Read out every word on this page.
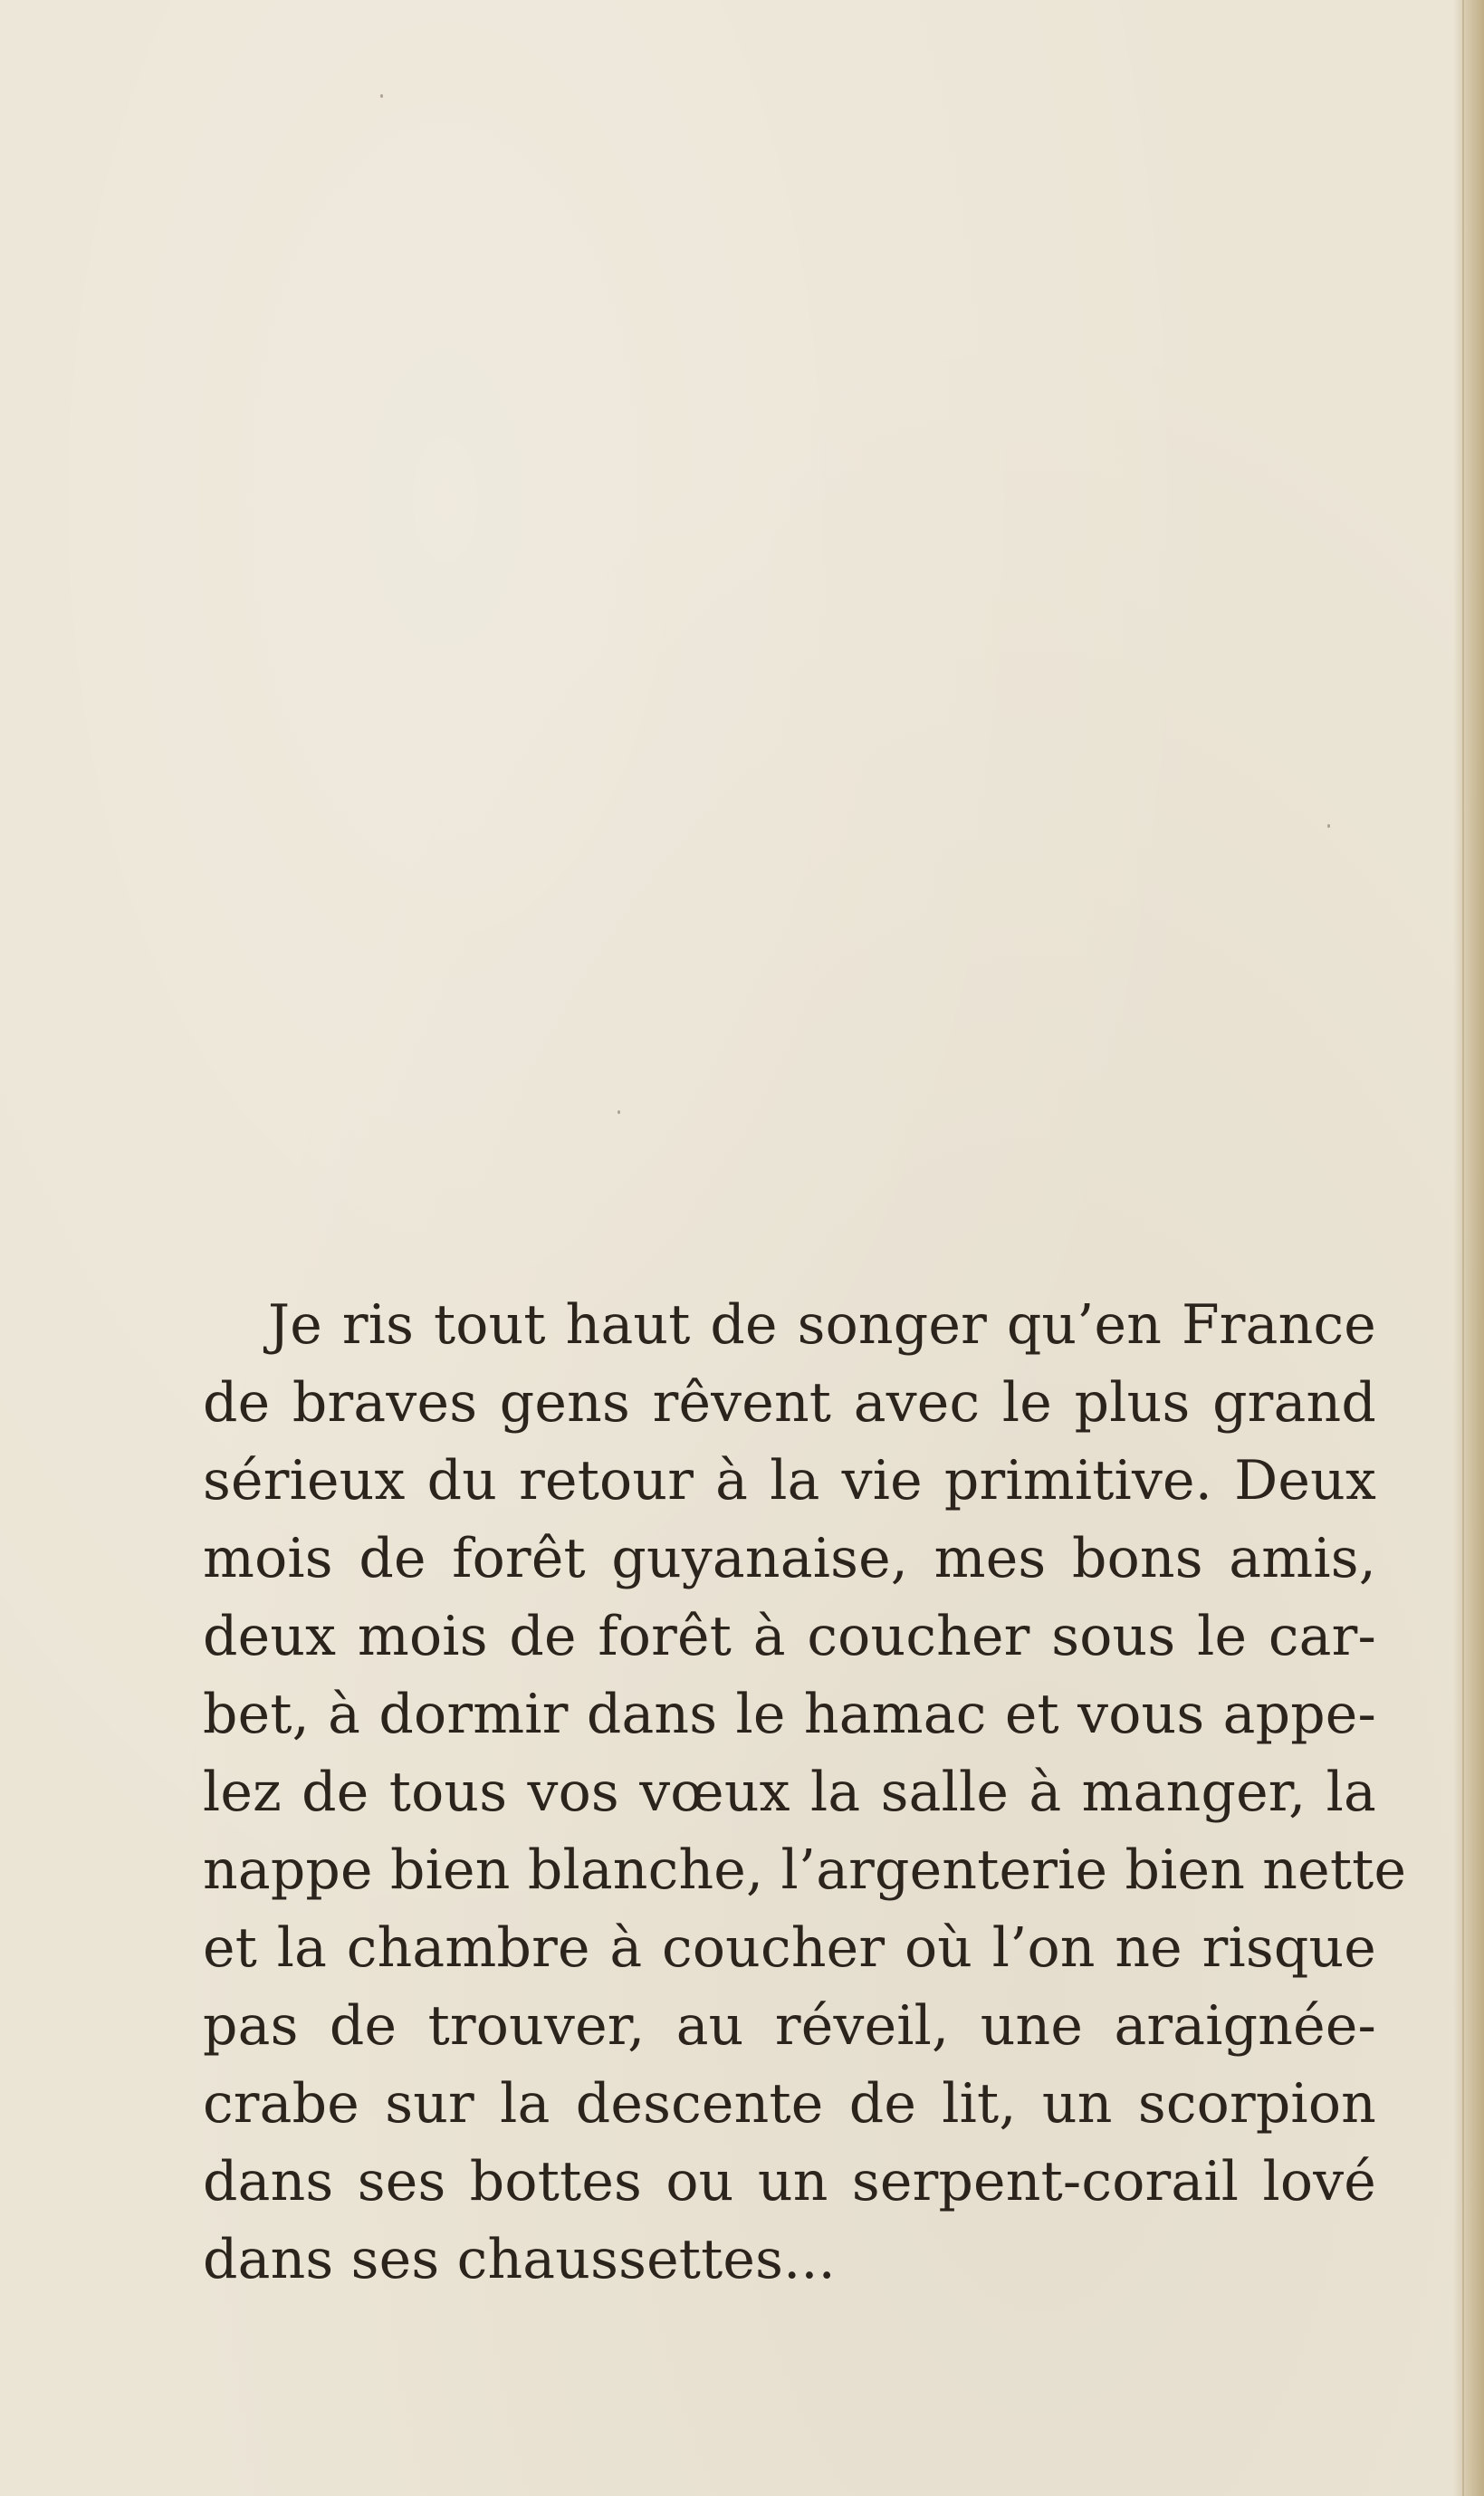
Je ris tout haut de songer qu’en France
de braves gens rêvent avec le plus grand
sérieux du retour à la vie primitive. Deux
mois de forêt guyanaise, mes bons amis,
deux mois de forêt à coucher sous le car-
bet, à dormir dans le hamac et vous appe-
lez de tous vos vœux la salle à manger, la
nappe bien blanche, l’argenterie bien nette
et la chambre à coucher où l’on ne risque
pas de trouver, au réveil, une araignée-
crabe sur la descente de lit, un scorpion
dans ses bottes ou un serpent-corail lové
dans ses chaussettes...
